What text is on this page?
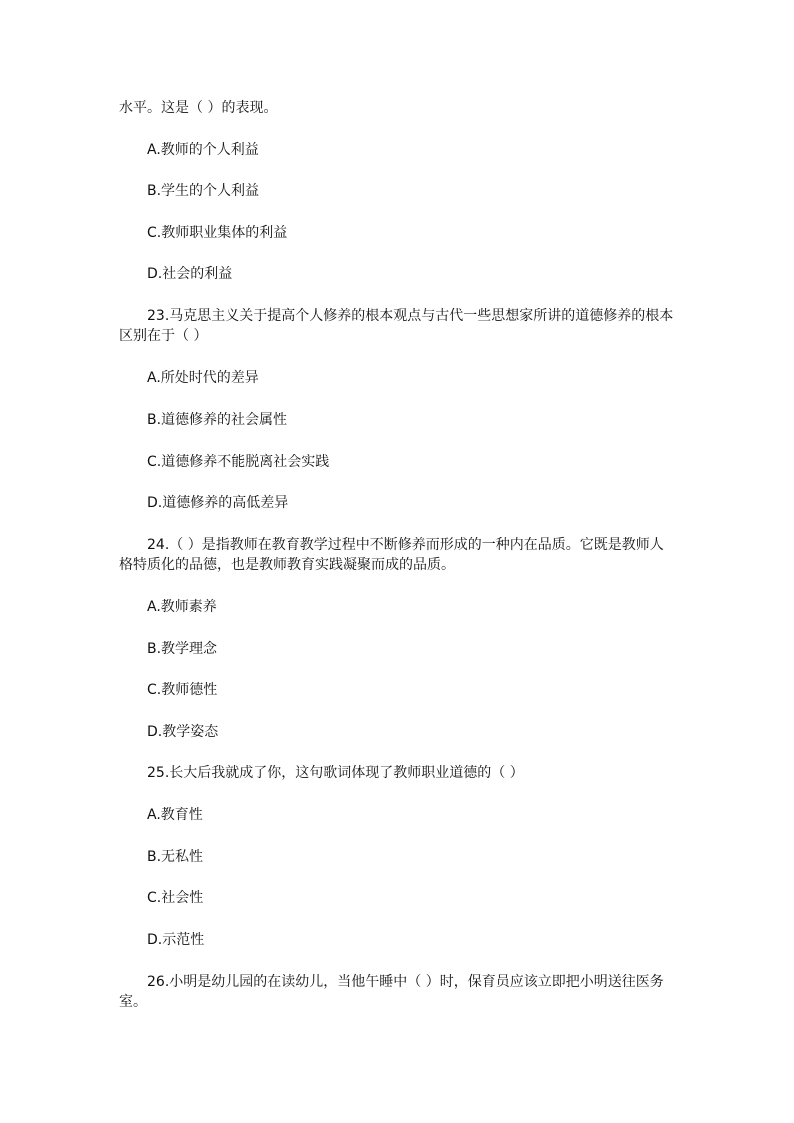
水平。这是（ ）的表现。
A.教师的个人利益
B.学生的个人利益
C.教师职业集体的利益
D.社会的利益
23.马克思主义关于提高个人修养的根本观点与古代一些思想家所讲的道德修养的根本
区别在于（ ）
A.所处时代的差异
B.道德修养的社会属性
C.道德修养不能脱离社会实践
D.道德修养的高低差异
24.（ ）是指教师在教育教学过程中不断修养而形成的一种内在品质。它既是教师人
格特质化的品德，也是教师教育实践凝聚而成的品质。
A.教师素养
B.教学理念
C.教师德性
D.教学姿态
25.长大后我就成了你，这句歌词体现了教师职业道德的（ ）
A.教育性
B.无私性
C.社会性
D.示范性
26.小明是幼儿园的在读幼儿，当他午睡中（ ）时，保育员应该立即把小明送往医务
室。
